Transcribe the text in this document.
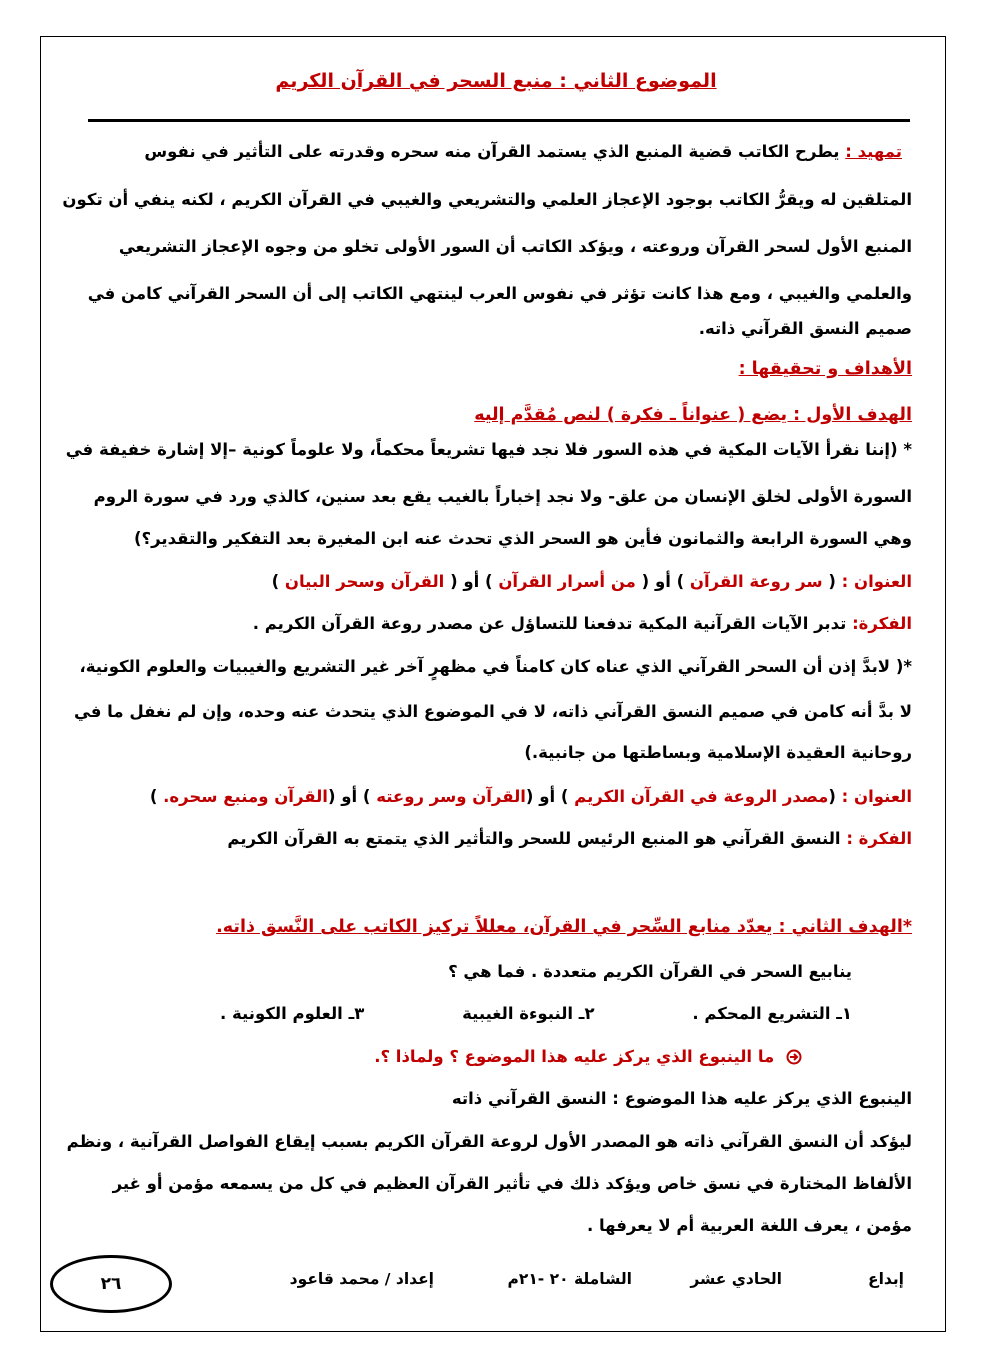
الموضوع الثاني : منبع السحر في القرآن الكريم
تمهيد : يطرح الكاتب قضية المنبع الذي يستمد القرآن منه سحره وقدرته على التأثير في نفوس
المتلقين له ويقرُّ الكاتب بوجود الإعجاز العلمي والتشريعي والغيبي في القرآن الكريم ، لكنه ينفي أن تكون
المنبع الأول لسحر القرآن وروعته ، ويؤكد الكاتب أن السور الأولى تخلو من وجوه الإعجاز التشريعي
والعلمي والغيبي ، ومع هذا كانت تؤثر في نفوس العرب لينتهي الكاتب إلى أن السحر القرآني كامن في
صميم النسق القرآني ذاته.
الأهداف و تحقيقها :
الهدف الأول : يضع ( عنواناً ـ فكرة ) لنص مُقدَّم إليه
* (إننا نقرأ الآيات المكية في هذه السور فلا نجد فيها تشريعاً محكماً، ولا علوماً كونية –إلا إشارة خفيفة في
السورة الأولى لخلق الإنسان من علق- ولا نجد إخباراً بالغيب يقع بعد سنين، كالذي ورد في سورة الروم
وهي السورة الرابعة والثمانون فأين هو السحر الذي تحدث عنه ابن المغيرة بعد التفكير والتقدير؟)
العنوان : ( سر روعة القرآن ) أو ( من أسرار القرآن ) أو ( القرآن وسحر البيان )
الفكرة: تدبر الآيات القرآنية المكية تدفعنا للتساؤل عن مصدر روعة القرآن الكريم .
*( لابدَّ إذن أن السحر القرآني الذي عناه كان كامناً في مظهرٍ آخر غير التشريع والغيبيات والعلوم الكونية،
لا بدَّ أنه كامن في صميم النسق القرآني ذاته، لا في الموضوع الذي يتحدث عنه وحده، وإن لم نغفل ما في
روحانية العقيدة الإسلامية وبساطتها من جانبية.)
العنوان : (مصدر الروعة في القرآن الكريم ) أو (القرآن وسر روعته ) أو (القرآن ومنبع سحره. )
الفكرة : النسق القرآني هو المنبع الرئيس للسحر والتأثير الذي يتمتع به القرآن الكريم
*الهدف الثاني : يعدّد منابع السِّحر في القرآن، معللاً تركيز الكاتب على النَّسق ذاته.
ينابيع السحر في القرآن الكريم متعددة . فما هي ؟
١ـ التشريع المحكم .
٢ـ النبوءة الغيبية
٣ـ العلوم الكونية .
ما الينبوع الذي يركز عليه هذا الموضوع ؟ ولماذا ؟.
الينبوع الذي يركز عليه هذا الموضوع : النسق القرآني ذاته
ليؤكد أن النسق القرآني ذاته هو المصدر الأول لروعة القرآن الكريم بسبب إيقاع الفواصل القرآنية ، ونظم
الألفاظ المختارة في نسق خاص ويؤكد ذلك في تأثير القرآن العظيم في كل من يسمعه مؤمن أو غير
مؤمن ، يعرف اللغة العربية أم لا يعرفها .
إبداع
الحادي عشر
الشاملة ٢٠ -٢١م
إعداد / محمد قاعود
٢٦
